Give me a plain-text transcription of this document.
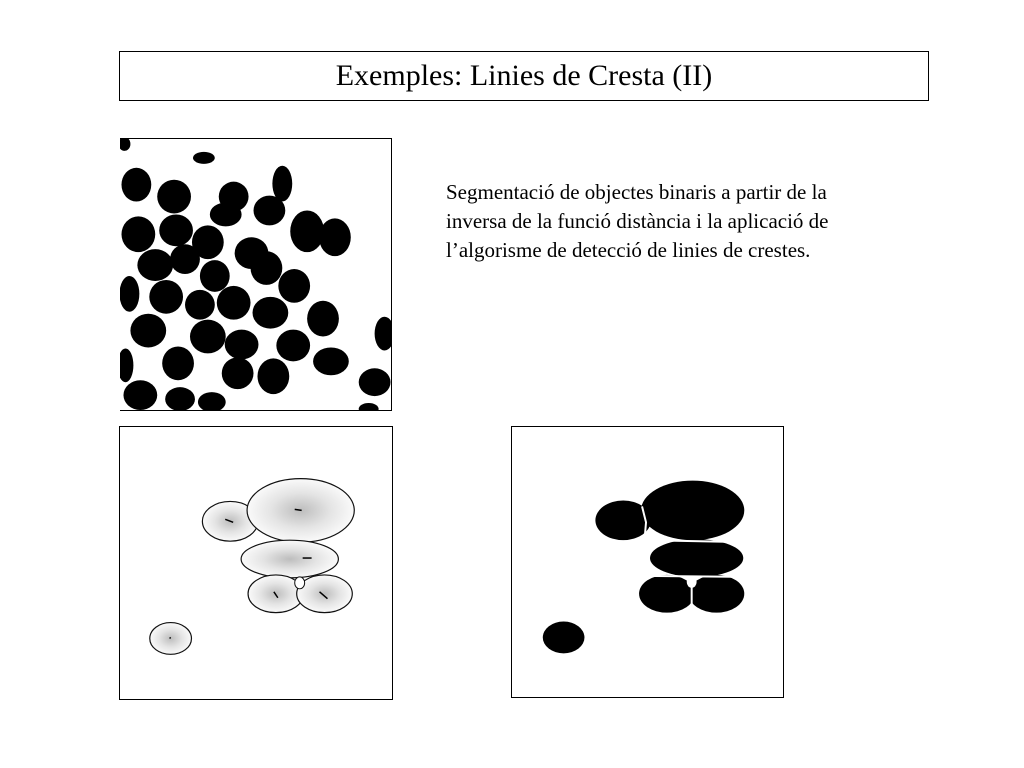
Exemples: Linies de Cresta (II)
Segmentació de objectes binaris a partir de la
inversa de la funció distància i la aplicació de
l’algorisme de detecció de linies de crestes.
